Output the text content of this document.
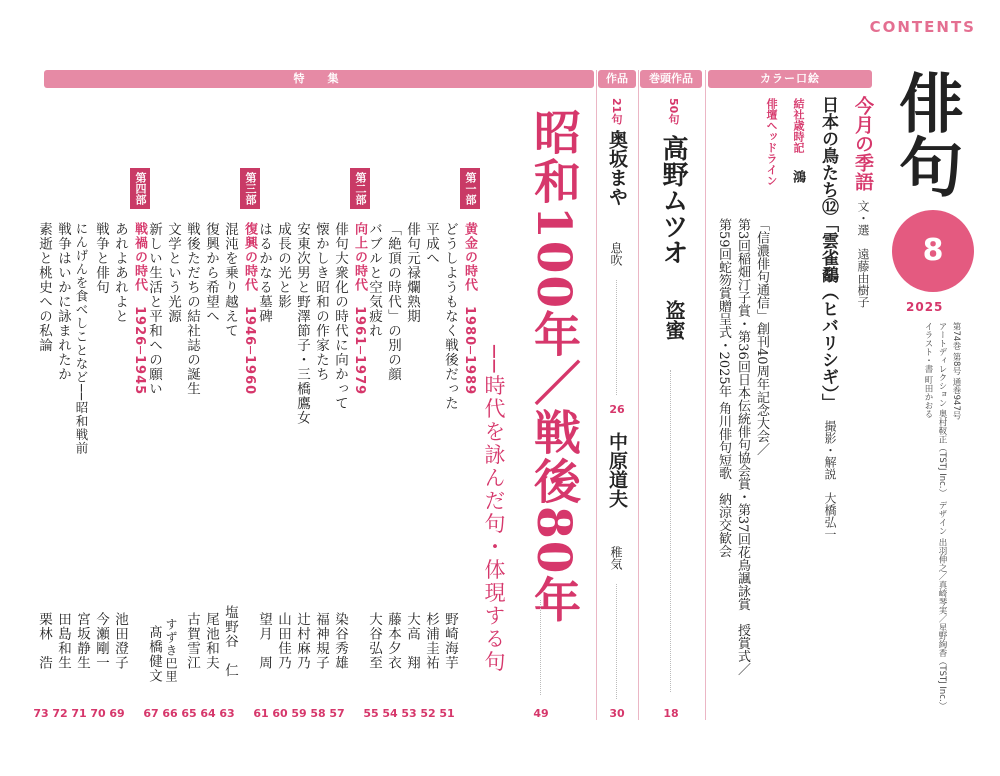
CONTENTS
特　集	作品	巻頭作品	カラー口絵	俳句
8
2025
第74巻 第8号 通巻947号
アートディレクション 奥村靫正（TSTJ Inc.）　デザイン 出羽伸之／真崎琴実／星野絢香（TSTJ Inc.）
イラスト・書 町田かおる
今月の季語
文・選　遠藤由樹子
日本の鳥たち⑫「雲雀鷸（ヒバリシギ）」
撮影・解説　大橋弘一
結社歳時記
鴻
俳壇ヘッドライン
「信濃俳句通信」創刊40周年記念大会／
第3回稲畑汀子賞・第36回日本伝統俳句協会賞・第37回花鳥諷詠賞　授賞式／
第59回蛇笏賞贈呈式・2025年 角川俳句短歌　納涼交歓会
50句
高野ムツオ
盗蜜
18
21句
奥坂まや
息吹
26
中原道夫
稚気
30
昭和100年／戦後80年
──時代を詠んだ句・体現する句
49
第一部
黄金の時代　1980─1989
どうしようもなく戦後だった
野崎海芋
51
平成へ
杉浦圭祐
52
俳句元禄爛熟期
大高　翔
53
「絶頂の時代」の別の顔
藤本夕衣
54
バブルと空気疲れ
大谷弘至
55
第二部
向上の時代　1961─1979
俳句大衆化の時代に向かって
染谷秀雄
57
懐かしき昭和の作家たち
福神規子
58
安東次男と野澤節子・三橋鷹女
辻村麻乃
59
成長の光と影
山田佳乃
60
はるかなる墓碑
望月　周
61
第三部
復興の時代　1946─1960
混沌を乗り越えて
塩野谷　仁
63
復興から希望へ
尾池和夫
64
戦後ただちの結社誌の誕生
古賀雪江
65
文学という光源
すずき巴里
66
新しい生活と平和への願い
髙橋健文
67
第四部
戦禍の時代　1926─1945
あれよあれよと
池田澄子
69
戦争と俳句
今瀬剛一
70
にんげんを食べしことなど──昭和戦前
宮坂静生
71
戦争はいかに詠まれたか
田島和生
72
素逝と桃史への私論
栗林　浩
73
